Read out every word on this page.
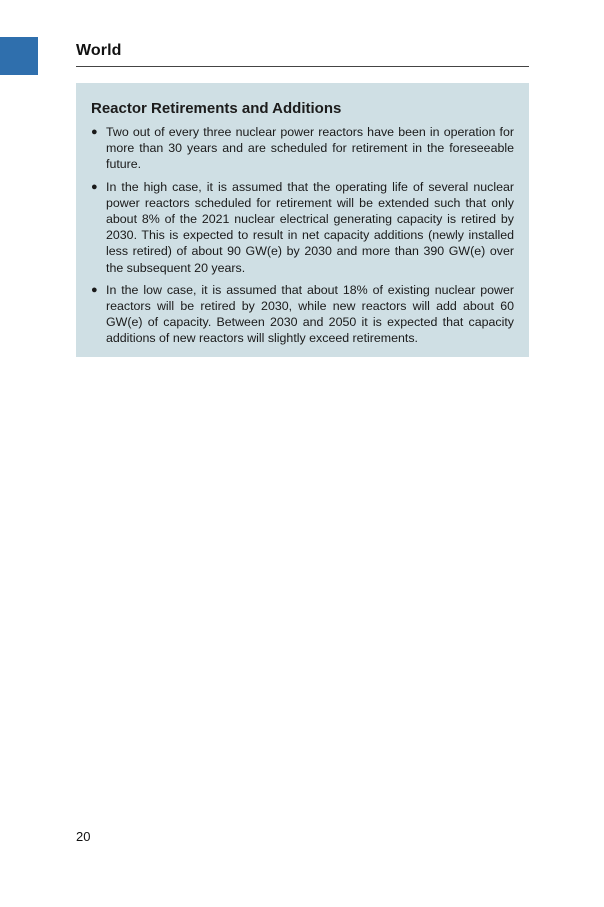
World
Reactor Retirements and Additions
● Two out of every three nuclear power reactors have been in operation for more than 30 years and are scheduled for retirement in the foreseeable future.
● In the high case, it is assumed that the operating life of several nuclear power reactors scheduled for retirement will be extended such that only about 8% of the 2021 nuclear electrical generating capacity is retired by 2030. This is expected to result in net capacity additions (newly installed less retired) of about 90 GW(e) by 2030 and more than 390 GW(e) over the subsequent 20 years.
● In the low case, it is assumed that about 18% of existing nuclear power reactors will be retired by 2030, while new reactors will add about 60 GW(e) of capacity. Between 2030 and 2050 it is expected that capacity additions of new reactors will slightly exceed retirements.
20
